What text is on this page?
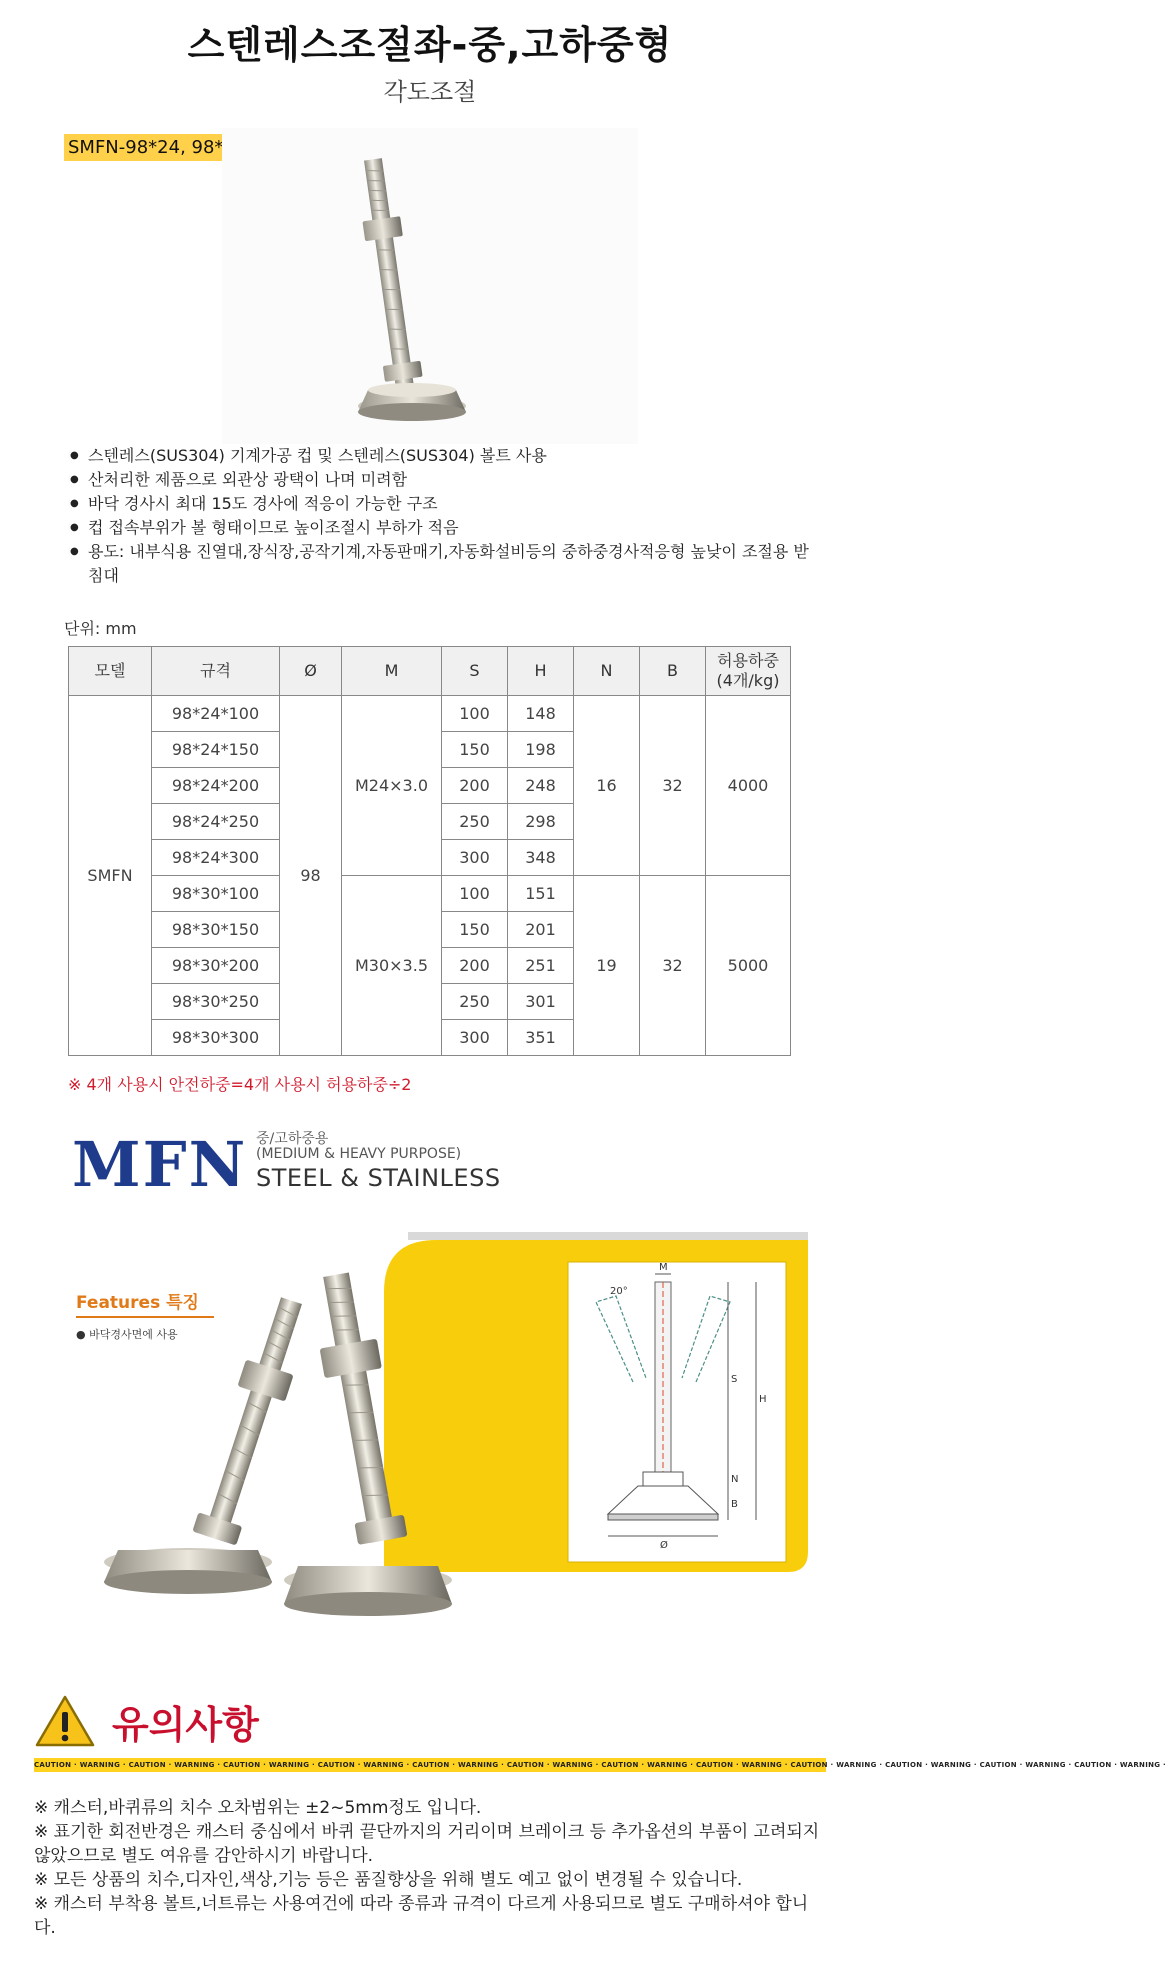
스텐레스조절좌-중,고하중형
각도조절
SMFN-98*24, 98*30
● 스텐레스(SUS304) 기계가공 컵 및 스텐레스(SUS304) 볼트 사용
● 산처리한 제품으로 외관상 광택이 나며 미려함
● 바닥 경사시 최대 15도 경사에 적응이 가능한 구조
● 컵 접속부위가 볼 형태이므로 높이조절시 부하가 적음
● 용도: 내부식용 진열대,장식장,공작기계,자동판매기,자동화설비등의 중하중경사적응형 높낮이 조절용 받침대
단위: mm
모델	규격	Ø	M	S	H	N	B	허용하중
(4개/kg)
SMFN	98*24*100	98	M24×3.0	100	148	16	32	4000
	98*24*150			150	198			
	98*24*200			200	248			
	98*24*250			250	298			
	98*24*300			300	348			
	98*30*100		M30×3.5	100	151	19	32	5000
	98*30*150			150	201			
	98*30*200			200	251			
	98*30*250			250	301			
	98*30*300			300	351			
※ 4개 사용시 안전하중=4개 사용시 허용하중÷2
MFN 중/고하중용
(MEDIUM & HEAVY PURPOSE)
STEEL & STAINLESS
M
20°
S
H
N
B
Ø
Features 특징
● 바닥경사면에 사용
유의사항
CAUTION · WARNING · CAUTION · WARNING · CAUTION · WARNING · CAUTION · WARNING · CAUTION · WARNING · CAUTION · WARNING · CAUTION · WARNING · CAUTION · WARNING · CAUTION · WARNING · CAUTION · WARNING · CAUTION · WARNING · CAUTION · WARNING ·

※ 캐스터,바퀴류의 치수 오차범위는 ±2~5mm정도 입니다.

※ 표기한 회전반경은 캐스터 중심에서 바퀴 끝단까지의 거리이며 브레이크 등 추가옵션의 부품이 고려되지 않았으므로 별도 여유를 감안하시기 바랍니다.

※ 모든 상품의 치수,디자인,색상,기능 등은 품질향상을 위해 별도 예고 없이 변경될 수 있습니다.

※ 캐스터 부착용 볼트,너트류는 사용여건에 따라 종류과 규격이 다르게 사용되므로 별도 구매하셔야 합니다.
